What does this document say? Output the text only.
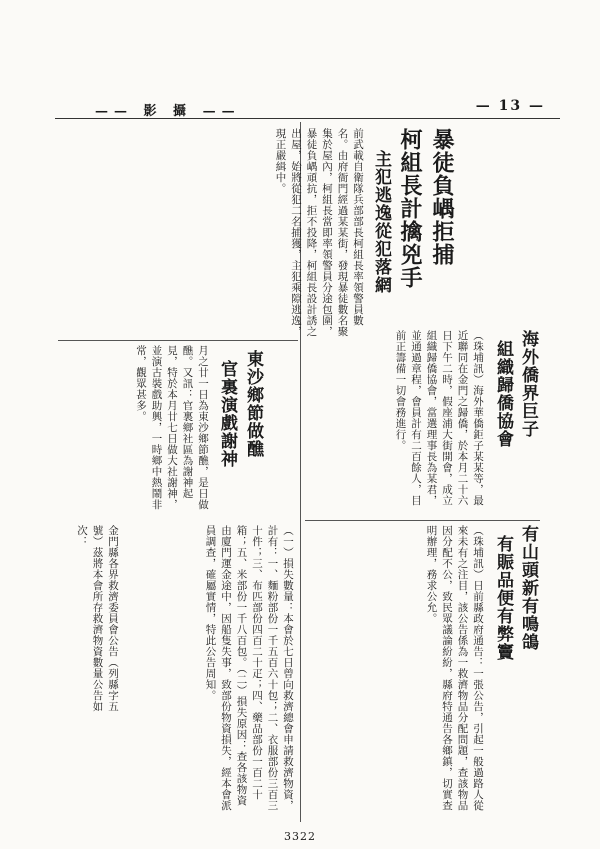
—— 影 攝 ——	— 13 —
暴徒負嵎拒捕
柯組長計擒兇手
主犯逃逸從犯落網
前武載自衛隊兵部部長柯組長率領警員數名。由府衙門經過某某街，發現暴徒數名聚集於屋內，柯組長當即率領警員分途包圍，暴徒負嵎頑抗，拒不投降，柯組長設計誘之出屋，始將從犯二名捕獲，主犯乘隙逃逸，現正嚴緝中。
東沙鄉節做醮
官裏演戲謝神
月之廿一日為東沙鄉節醮，是日做醮。又訊：官裏鄉社區為謝神起見，特於本月廿七日做大社謝神，並演古裝戲助興，一時鄉中熱鬧非常，觀眾甚多。	海外僑界巨子
組織歸僑協會
（珠埔訊）海外華僑鉅子某某等，最近聯同在金門之歸僑，於本月二十六日下午二時，假座浦大街開會，成立組織歸僑協會，當選理事長為某君，並通過章程，會員計有二百餘人，目前正籌備一切會務進行。
有山頭新有鳴鴿
有賑品便有弊竇
（珠埔訊）日前縣政府通告：一張公告，引起一般過路人從來未有之注目，該公告係為一救濟物品分配問題，查該物品因分配不公，致民眾議論紛紛，縣府特通告各鄉鎮，切實查明辦理，務求公允。
金門縣各界救濟委員會公告（列縣字五號）茲將本會所存救濟物資數量公告如次：	（一）損失數量：本會於七日曾向救濟總會申請救濟物資，計有：一、麵粉部份一千五百六十包；二、衣服部份三百三十件；三、布匹部份四百二十疋；四、藥品部份一百二十箱；五、米部份一千八百包。（二）損失原因：查各該物資由廈門運金途中，因船隻失事，致部份物資損失，經本會派員調查，確屬實情，特此公告周知。
3322
